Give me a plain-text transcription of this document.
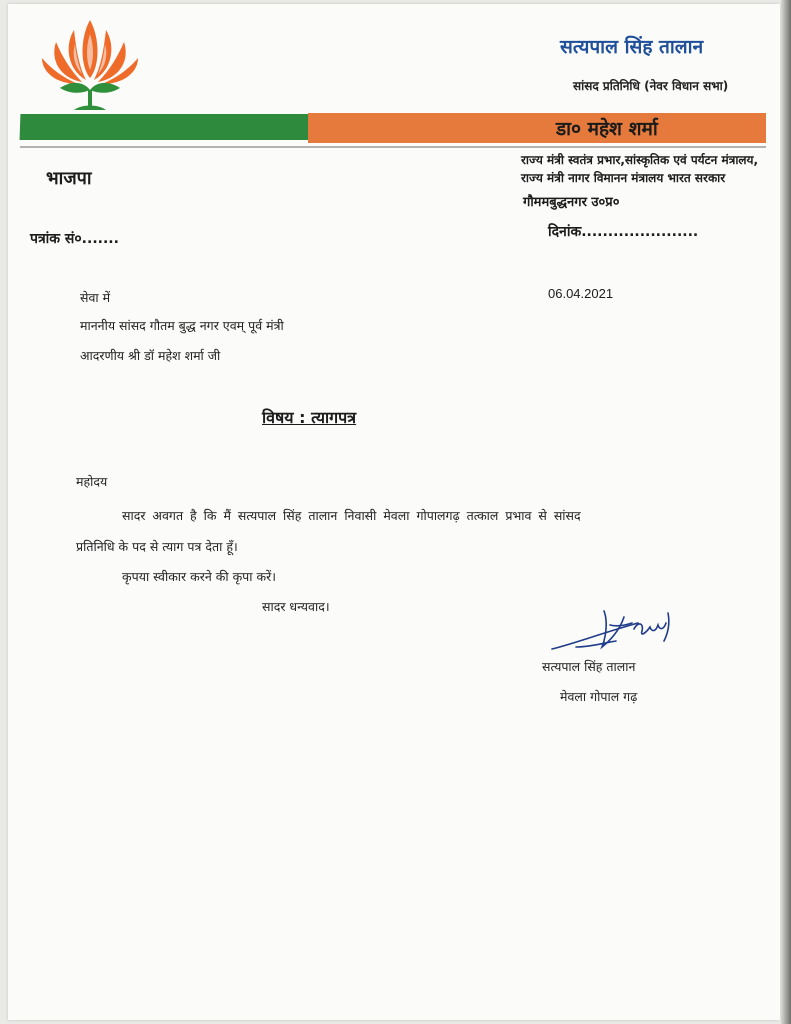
सत्यपाल सिंह तालान
सांसद प्रतिनिधि (नेवर विधान सभा)
डा० महेश शर्मा
राज्य मंत्री स्वतंत्र प्रभार,सांस्कृतिक एवं पर्यटन मंत्रालय,
राज्य मंत्री नागर विमानन मंत्रालय भारत सरकार
गौममबुद्धनगर उ०प्र०
भाजपा
पत्रांक सं०.......	दिनांक......................
06.04.2021
सेवा में
माननीय सांसद गौतम बुद्ध नगर एवम् पूर्व मंत्री
आदरणीय श्री डॉ महेश शर्मा जी
विषय : त्यागपत्र
महोदय
सादर अवगत है कि मैं सत्यपाल सिंह तालान निवासी मेवला गोपालगढ़ तत्काल प्रभाव से सांसद
प्रतिनिधि के पद से त्याग पत्र देता हूँ।
कृपया स्वीकार करने की कृपा करें।
सादर धन्यवाद।
सत्यपाल सिंह तालान
मेवला गोपाल गढ़
